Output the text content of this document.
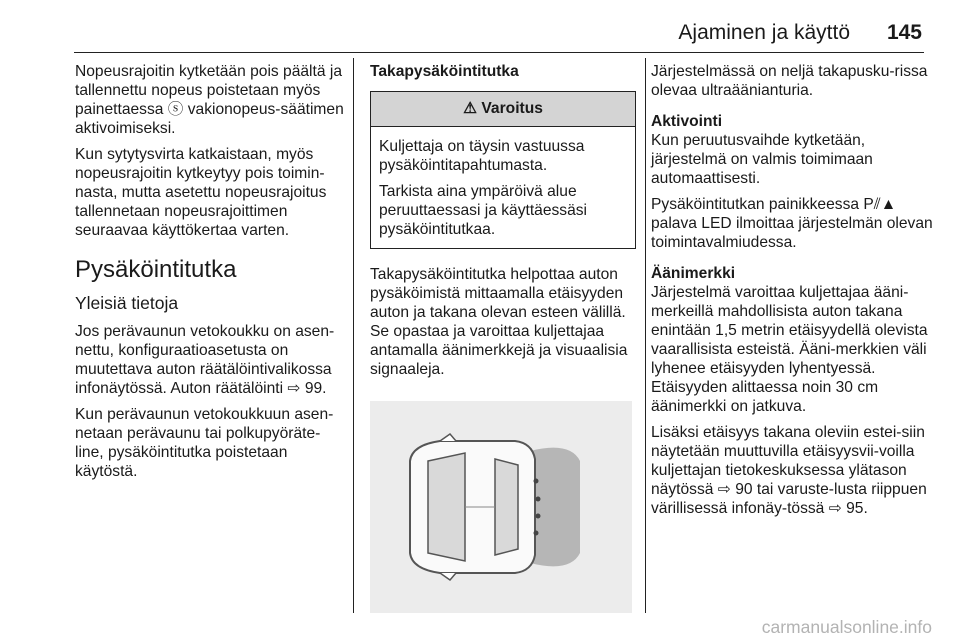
Ajaminen ja käyttö 145

Nopeusrajoitin kytketään pois päältä ja tallennettu nopeus poistetaan myös painettaessa ⓢ vakionopeus-säätimen aktivoimiseksi.

Kun sytytysvirta katkaistaan, myös nopeusrajoitin kytkeytyy pois toimin-nasta, mutta asetettu nopeusrajoitus tallennetaan nopeusrajoittimen seuraavaa käyttökertaa varten.

Pysäköintitutka
Yleisiä tietoja

Jos perävaunun vetokoukku on asen-nettu, konfiguraatioasetusta on muutettava auton räätälöintivalikossa infonäytössä. Auton räätälöinti ⇨ 99.

Kun perävaunun vetokoukkuun asen-netaan perävaunu tai polkupyöräte-line, pysäköintitutka poistetaan käytöstä.

Takapysäköintitutka
⚠ Varoitus

Kuljettaja on täysin vastuussa pysäköintitapahtumasta.

Tarkista aina ympäröivä alue peruuttaessasi ja käyttäessäsi pysäköintitutkaa.

Takapysäköintitutka helpottaa auton pysäköimistä mittaamalla etäisyyden auton ja takana olevan esteen välillä. Se opastaa ja varoittaa kuljettajaa antamalla äänimerkkejä ja visuaalisia signaaleja.

Järjestelmässä on neljä takapusku-rissa olevaa ultraäänianturia.

Aktivointi

Kun peruutusvaihde kytketään, järjestelmä on valmis toimimaan automaattisesti.

Pysäköintitutkan painikkeessa P⫽▲ palava LED ilmoittaa järjestelmän olevan toimintavalmiudessa.

Äänimerkki

Järjestelmä varoittaa kuljettajaa ääni-merkeillä mahdollisista auton takana enintään 1,5 metrin etäisyydellä olevista vaarallisista esteistä. Ääni-merkkien väli lyhenee etäisyyden lyhentyessä. Etäisyyden alittaessa noin 30 cm äänimerkki on jatkuva.

Lisäksi etäisyys takana oleviin estei-siin näytetään muuttuvilla etäisyysvii-voilla kuljettajan tietokeskuksessa ylätason näytössä ⇨ 90 tai varuste-lusta riippuen värillisessä infonäy-tössä ⇨ 95.

carmanualsonline.info
